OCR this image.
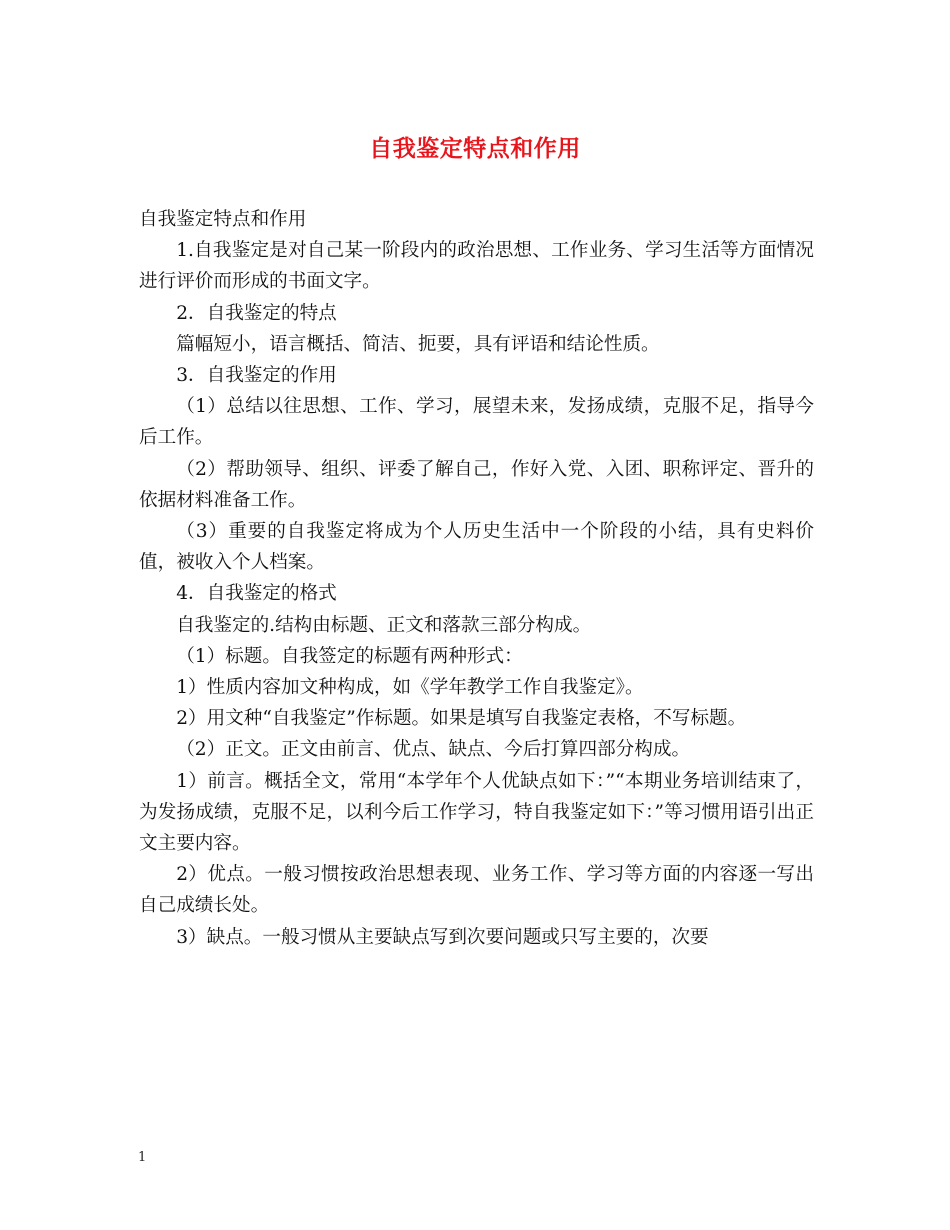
自我鉴定特点和作用

自我鉴定特点和作用

1.自我鉴定是对自己某一阶段内的政治思想、工作业务、学习生活等方面情况进行评价而形成的书面文字。

2．自我鉴定的特点

篇幅短小，语言概括、简洁、扼要，具有评语和结论性质。

3．自我鉴定的作用

（1）总结以往思想、工作、学习，展望未来，发扬成绩，克服不足，指导今后工作。

（2）帮助领导、组织、评委了解自己，作好入党、入团、职称评定、晋升的依据材料准备工作。

（3）重要的自我鉴定将成为个人历史生活中一个阶段的小结，具有史料价值，被收入个人档案。

4．自我鉴定的格式

自我鉴定的.结构由标题、正文和落款三部分构成。

（1）标题。自我签定的标题有两种形式：

1）性质内容加文种构成，如《学年教学工作自我鉴定》。

2）用文种“自我鉴定”作标题。如果是填写自我鉴定表格，不写标题。

（2）正文。正文由前言、优点、缺点、今后打算四部分构成。

1）前言。概括全文，常用“本学年个人优缺点如下：”“本期业务培训结束了，为发扬成绩，克服不足，以利今后工作学习，特自我鉴定如下：”等习惯用语引出正文主要内容。

2）优点。一般习惯按政治思想表现、业务工作、学习等方面的内容逐一写出自己成绩长处。

3）缺点。一般习惯从主要缺点写到次要问题或只写主要的，次要

1
